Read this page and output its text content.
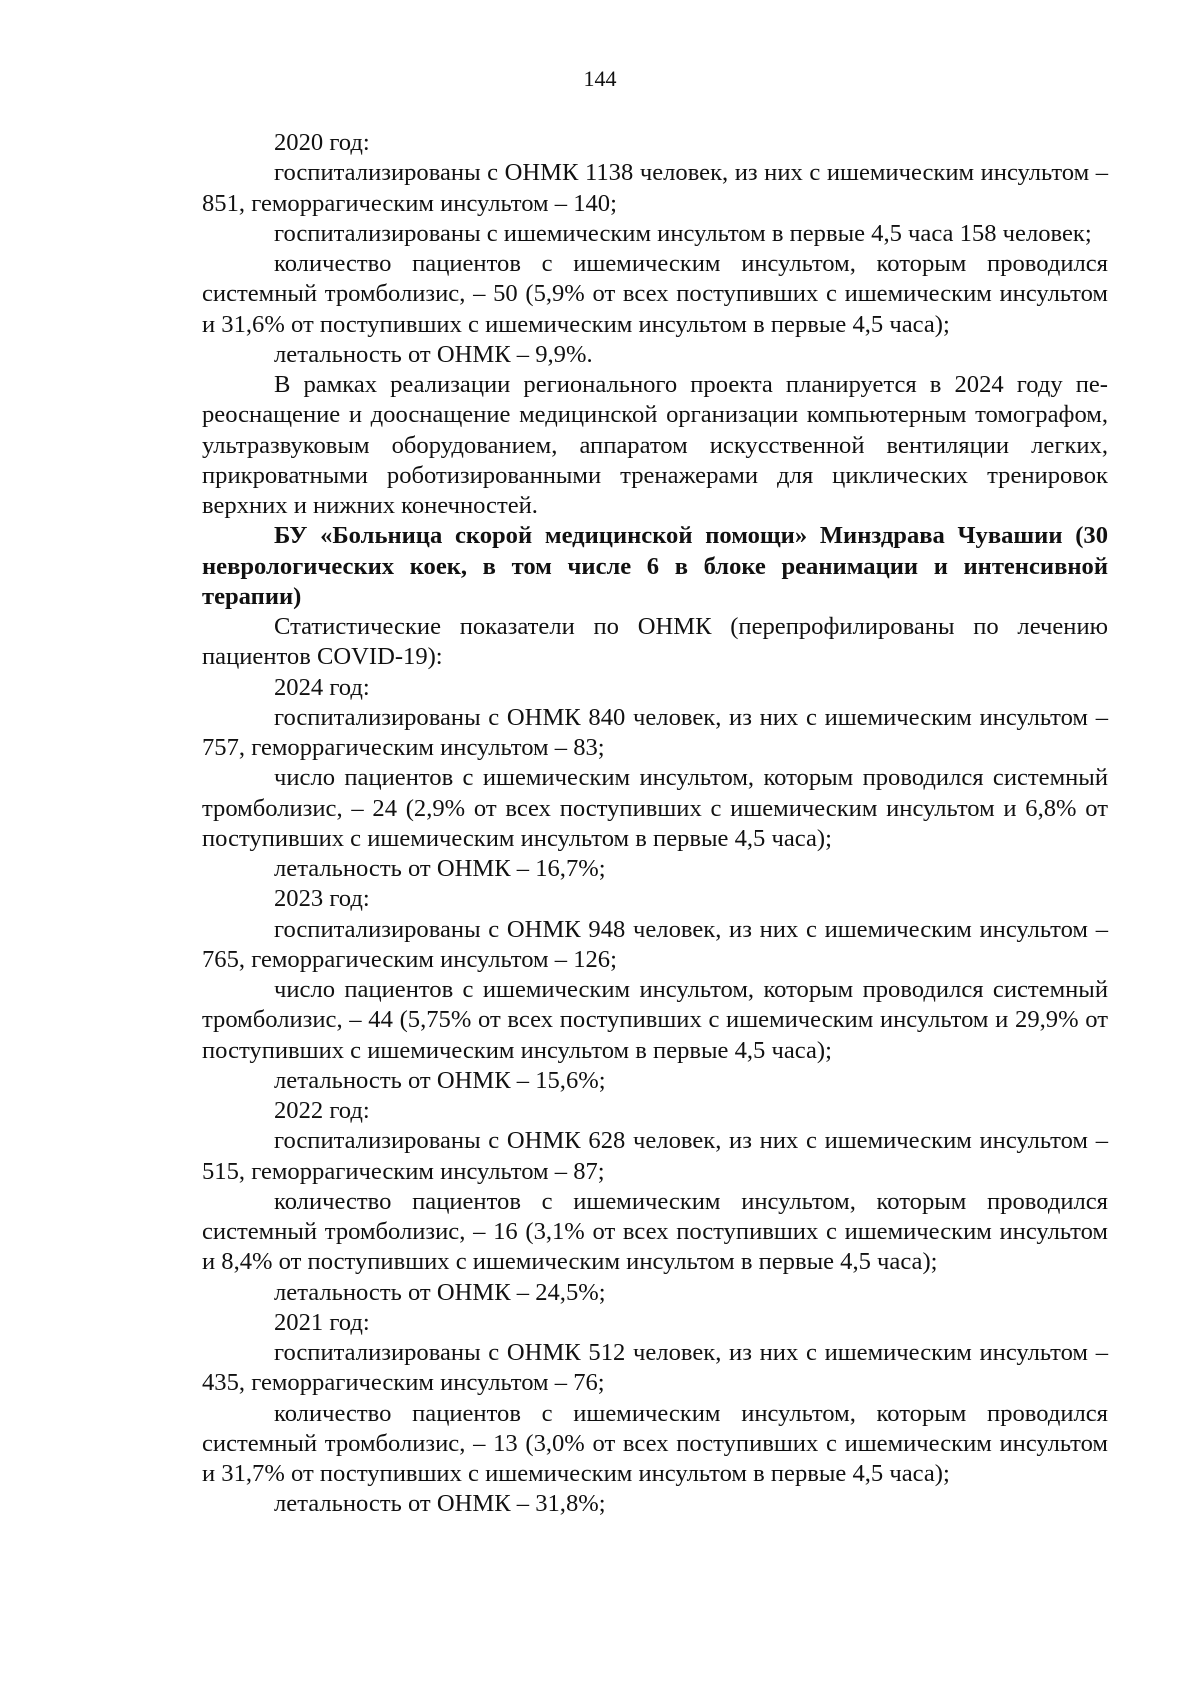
144

2020 год:

госпитализированы с ОНМК 1138 человек, из них с ишемическим инсультом – 851, геморрагическим инсультом – 140;

госпитализированы с ишемическим инсультом в первые 4,5 часа 158 человек;

количество пациентов с ишемическим инсультом, которым проводился системный тромболизис, – 50 (5,9% от всех поступивших с ишемическим инсультом и 31,6% от поступивших с ишемическим инсультом в первые 4,5 часа);

летальность от ОНМК – 9,9%.

В рамках реализации регионального проекта планируется в 2024 году переоснащение и дооснащение медицинской организации компьютерным томографом, ультразвуковым оборудованием, аппаратом искусственной вентиляции легких, прикроватными роботизированными тренажерами для циклических тренировок верхних и нижних конечностей.

БУ «Больница скорой медицинской помощи» Минздрава Чувашии (30 неврологических коек, в том числе 6 в блоке реанимации и интенсивной терапии)

Статистические показатели по ОНМК (перепрофилированы по лечению пациентов COVID-19):

2024 год:

госпитализированы с ОНМК 840 человек, из них с ишемическим инсультом – 757, геморрагическим инсультом – 83;

число пациентов с ишемическим инсультом, которым проводился системный тромболизис, – 24 (2,9% от всех поступивших с ишемическим инсультом и 6,8% от поступивших с ишемическим инсультом в первые 4,5 часа);

летальность от ОНМК – 16,7%;

2023 год:

госпитализированы с ОНМК 948 человек, из них с ишемическим инсультом – 765, геморрагическим инсультом – 126;

число пациентов с ишемическим инсультом, которым проводился системный тромболизис, – 44 (5,75% от всех поступивших с ишемическим инсультом и 29,9% от поступивших с ишемическим инсультом в первые 4,5 часа);

летальность от ОНМК – 15,6%;

2022 год:

госпитализированы с ОНМК 628 человек, из них с ишемическим инсультом – 515, геморрагическим инсультом – 87;

количество пациентов с ишемическим инсультом, которым проводился системный тромболизис, – 16 (3,1% от всех поступивших с ишемическим инсультом и 8,4% от поступивших с ишемическим инсультом в первые 4,5 часа);

летальность от ОНМК – 24,5%;

2021 год:

госпитализированы с ОНМК 512 человек, из них с ишемическим инсультом – 435, геморрагическим инсультом – 76;

количество пациентов с ишемическим инсультом, которым проводился системный тромболизис, – 13 (3,0% от всех поступивших с ишемическим инсультом и 31,7% от поступивших с ишемическим инсультом в первые 4,5 часа);

летальность от ОНМК – 31,8%;
